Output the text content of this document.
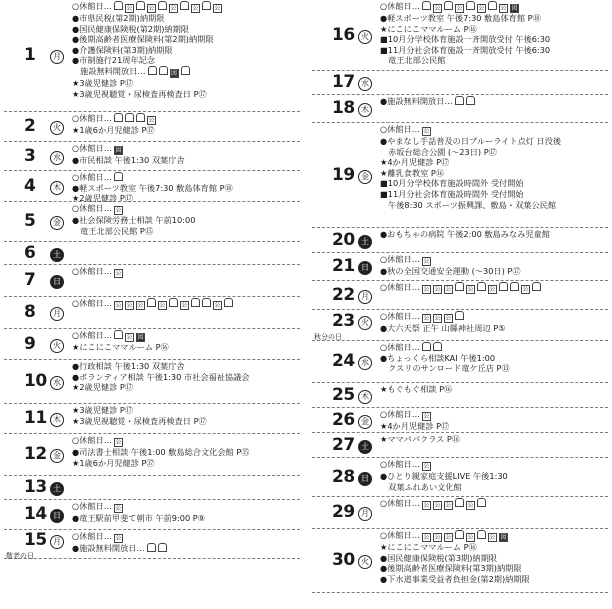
1	月
○休館日… 公	公	公	公	公
●市県民税(第2期)納期限
●国民健康保険税(第2期)納期限
●後期高齢者医療保険料(第2期)納期限
●介護保険料(第3期)納期限
●市制施行21周年記念
施設無料開放日…	図
★3歳児健診 P⑰
★3歳児視聴覚・尿検査再検査日 P⑰
2	火
○休館日…	公
★1歳6か月児健診 P⑰
3	水
○休館日… 図
●市民相談 午後1:30 双葉庁舎
4	木
○休館日…
●軽スポーツ教室 午後7:30 敷島体育館 P⑱
★2歳児健診 P⑰
5	金
○休館日… 公
●社会保険労務士相談 午前10:00
竜王北部公民館 P⑮
6	土
7	日
○休館日… 公
8	月
○休館日… 公 公 公	公	公	公
9	火
○休館日… 公 図
★にこにこママルーム P⑯
10 水
●行政相談 午後1:30 双葉庁舎
●ボランティア相談 午後1:30 市社会福祉協議会
★2歳児健診 P⑰
11 木
★3歳児健診 P⑰
★3歳児視聴覚・尿検査再検査日 P⑰
12 金
○休館日… 公
●司法書士相談 午後1:00 敷島総合文化会館 P⑮
★1歳6か月児健診 P⑰
13 土
14 日
○休館日… 公
●竜王駅前甲斐て朝市 午前9:00 P⑨
15 月
敬老の日
○休館日… 公
●施設無料開放日…
16 火
○休館日… 公	公	公	公 図
●軽スポーツ教室 午後7:30 敷島体育館 P⑱
★にこにこママルーム P⑯
■10月分学校体育施設一斉開放受付 午後6:30
■11月分社会体育施設一斉開放受付 午後6:30
竜王北部公民館
17 水
18 木
●施設無料開放日…
19 金
○休館日… 公
●やまなし手話普及の日ブルーライト点灯 日没後
赤坂台総合公園 (～23日) P⑰
★4か月児健診 P⑰
★離乳食教室 P⑯
■10月分学校体育施設時間外 受付開始
■11月分社会体育施設時間外 受付開始
午後8:30 スポーツ振興課、敷島・双葉公民館
20 土
●おもちゃの病院 午後2:00 敷島みなみ児童館
21 日
○休館日… 公
●秋の全国交通安全運動 (～30日) P⑰
22 月
○休館日… 公 公 公	公	公	公
23 火
秋分の日
○休館日… 公 公 公
●大六天祭 正午 山縣神社周辺 P⑤
24 水
○休館日…
●ちょっくら相談KAI 午後1:00
クスリのサンロード竜ケ丘店 P⑬
25 木
★もぐもぐ相談 P⑯
26 金
○休館日… 公
★4か月児健診 P⑰
27 土
★ママパパクラス P⑯
28 日
○休館日… 公
●ひとり親家庭支援LIVE 午後1:30
双葉ふれあい文化館
29 月
○休館日… 公 公 公	公
30 火
○休館日… 公 公 公	公	公 図
★にこにこママルーム P⑯
●国民健康保険税(第3期)納期限
●後期高齢者医療保険料(第3期)納期限
●下水道事業受益者負担金(第2期)納期限
